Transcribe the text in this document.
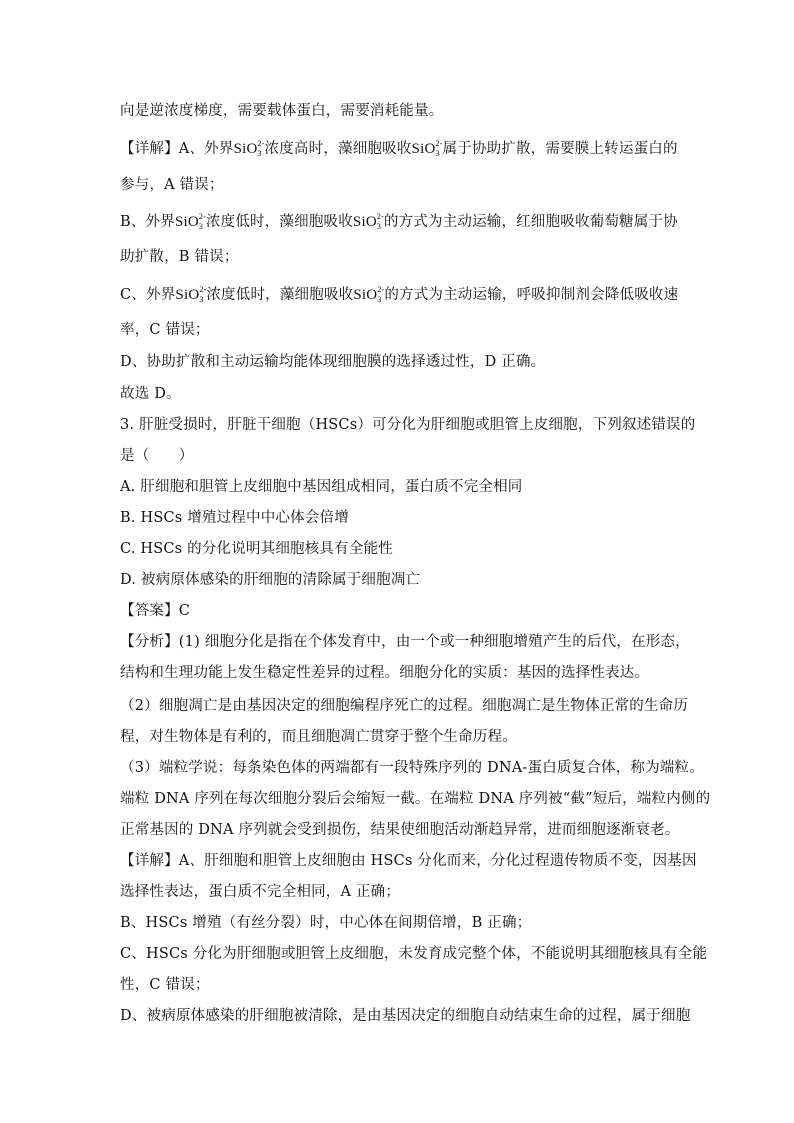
向是逆浓度梯度，需要载体蛋白，需要消耗能量。
【详解】A、外界SiO 2-
3 浓度高时，藻细胞吸收SiO 2-
3 属于协助扩散，需要膜上转运蛋白的
参与，A 错误；
B、外界SiO 2-
3 浓度低时，藻细胞吸收SiO 2-
3 的方式为主动运输，红细胞吸收葡萄糖属于协
助扩散，B 错误；
C、外界SiO 2-
3 浓度低时，藻细胞吸收SiO 2-
3 的方式为主动运输，呼吸抑制剂会降低吸收速
率，C 错误；
D、协助扩散和主动运输均能体现细胞膜的选择透过性，D 正确。
故选 D。
3. 肝脏受损时，肝脏干细胞（HSCs）可分化为肝细胞或胆管上皮细胞，下列叙述错误的
是（　　）
A. 肝细胞和胆管上皮细胞中基因组成相同，蛋白质不完全相同
B. HSCs 增殖过程中中心体会倍增
C. HSCs 的分化说明其细胞核具有全能性
D. 被病原体感染的肝细胞的清除属于细胞凋亡
【答案】C
【分析】(1) 细胞分化是指在个体发育中，由一个或一种细胞增殖产生的后代，在形态，
结构和生理功能上发生稳定性差异的过程。细胞分化的实质：基因的选择性表达。
（2）细胞凋亡是由基因决定的细胞编程序死亡的过程。细胞凋亡是生物体正常的生命历
程，对生物体是有利的，而且细胞凋亡贯穿于整个生命历程。
（3）端粒学说：每条染色体的两端都有一段特殊序列的 DNA-蛋白质复合体，称为端粒。
端粒 DNA 序列在每次细胞分裂后会缩短一截。在端粒 DNA 序列被“截”短后，端粒内侧的
正常基因的 DNA 序列就会受到损伤，结果使细胞活动渐趋异常，进而细胞逐渐衰老。
【详解】A、肝细胞和胆管上皮细胞由 HSCs 分化而来，分化过程遗传物质不变，因基因
选择性表达，蛋白质不完全相同，A 正确；
B、HSCs 增殖（有丝分裂）时，中心体在间期倍增，B 正确；
C、HSCs 分化为肝细胞或胆管上皮细胞，未发育成完整个体，不能说明其细胞核具有全能
性，C 错误；
D、被病原体感染的肝细胞被清除，是由基因决定的细胞自动结束生命的过程，属于细胞
